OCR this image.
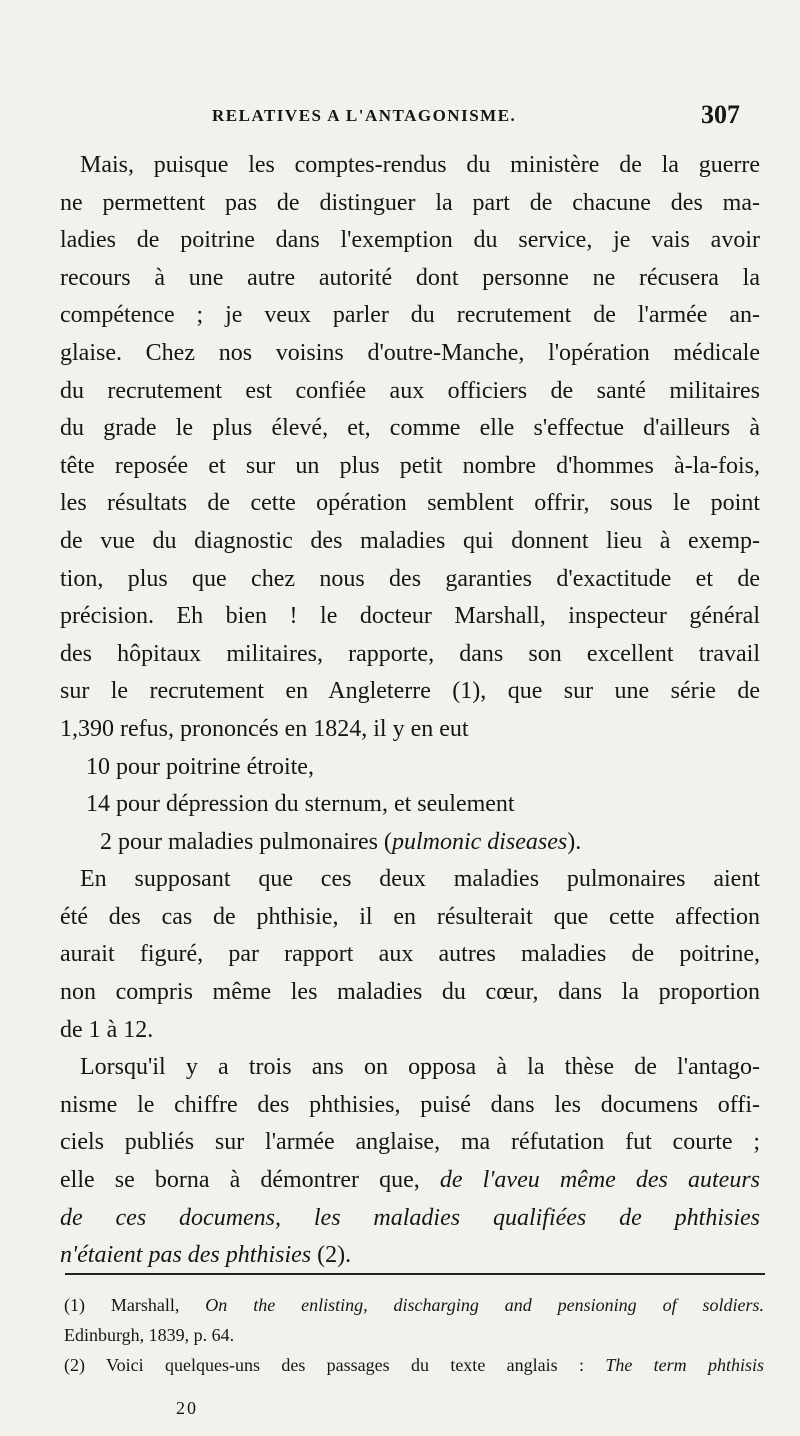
RELATIVES A L'ANTAGONISME.	307
Mais, puisque les comptes-rendus du ministère de la guerre
ne permettent pas de distinguer la part de chacune des ma-
ladies de poitrine dans l'exemption du service, je vais avoir
recours à une autre autorité dont personne ne récusera la
compétence ; je veux parler du recrutement de l'armée an-
glaise. Chez nos voisins d'outre-Manche, l'opération médicale
du recrutement est confiée aux officiers de santé militaires
du grade le plus élevé, et, comme elle s'effectue d'ailleurs à
tête reposée et sur un plus petit nombre d'hommes à-la-fois,
les résultats de cette opération semblent offrir, sous le point
de vue du diagnostic des maladies qui donnent lieu à exemp-
tion, plus que chez nous des garanties d'exactitude et de
précision. Eh bien ! le docteur Marshall, inspecteur général
des hôpitaux militaires, rapporte, dans son excellent travail
sur le recrutement en Angleterre (1), que sur une série de
1,390 refus, prononcés en 1824, il y en eut
10 pour poitrine étroite,
14 pour dépression du sternum, et seulement
2 pour maladies pulmonaires (pulmonic diseases).
En supposant que ces deux maladies pulmonaires aient
été des cas de phthisie, il en résulterait que cette affection
aurait figuré, par rapport aux autres maladies de poitrine,
non compris même les maladies du cœur, dans la proportion
de 1 à 12.
Lorsqu'il y a trois ans on opposa à la thèse de l'antago-
nisme le chiffre des phthisies, puisé dans les documens offi-
ciels publiés sur l'armée anglaise, ma réfutation fut courte ;
elle se borna à démontrer que, de l'aveu même des auteurs
de ces documens, les maladies qualifiées de phthisies
n'étaient pas des phthisies (2).
(1) Marshall, On the enlisting, discharging and pensioning of soldiers.
Edinburgh, 1839, p. 64.
(2) Voici quelques-uns des passages du texte anglais : The term phthisis
20
